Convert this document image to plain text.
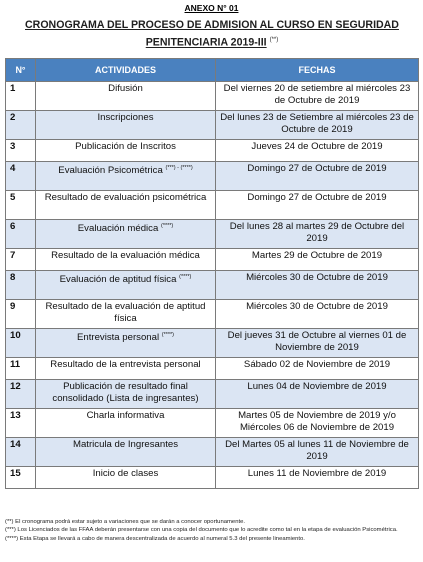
ANEXO N° 01
CRONOGRAMA DEL PROCESO DE ADMISION AL CURSO EN SEGURIDAD
PENITENCIARIA 2019-III (**)
N°	ACTIVIDADES	FECHAS
1	Difusión	Del viernes 20 de setiembre al miércoles 23 de Octubre de 2019
2	Inscripciones	Del lunes 23 de Setiembre al miércoles 23 de Octubre de 2019
3	Publicación de Inscritos	Jueves 24 de Octubre de 2019
4	Evaluación Psicométrica (***) - (****)	Domingo 27 de Octubre de 2019
5	Resultado de evaluación psicométrica	Domingo 27 de Octubre de 2019
6	Evaluación médica (****)	Del lunes 28 al martes 29 de Octubre del 2019
7	Resultado de la evaluación médica	Martes 29 de Octubre de 2019
8	Evaluación de aptitud física (****)	Miércoles 30 de Octubre de 2019
9	Resultado de la evaluación de aptitud física	Miércoles 30 de Octubre de 2019
10	Entrevista personal (****)	Del jueves 31 de Octubre al viernes 01 de Noviembre de 2019
11	Resultado de la entrevista personal	Sábado 02 de Noviembre de 2019
12	Publicación de resultado final consolidado (Lista de ingresantes)	Lunes 04 de Noviembre de 2019
13	Charla informativa	Martes 05 de Noviembre de 2019 y/o Miércoles 06 de Noviembre de 2019
14	Matricula de Ingresantes	Del Martes 05 al lunes 11 de Noviembre de 2019
15	Inicio de clases	Lunes 11 de Noviembre de 2019
(**) El cronograma podrá estar sujeto a variaciones que se darán a conocer oportunamente.
(***) Los Licenciados de las FFAA deberán presentarse con una copia del documento que lo acredite como tal en la etapa de evaluación Psicométrica.
(****) Esta Etapa se llevará a cabo de manera descentralizada de acuerdo al numeral 5.3 del presente lineamiento.
